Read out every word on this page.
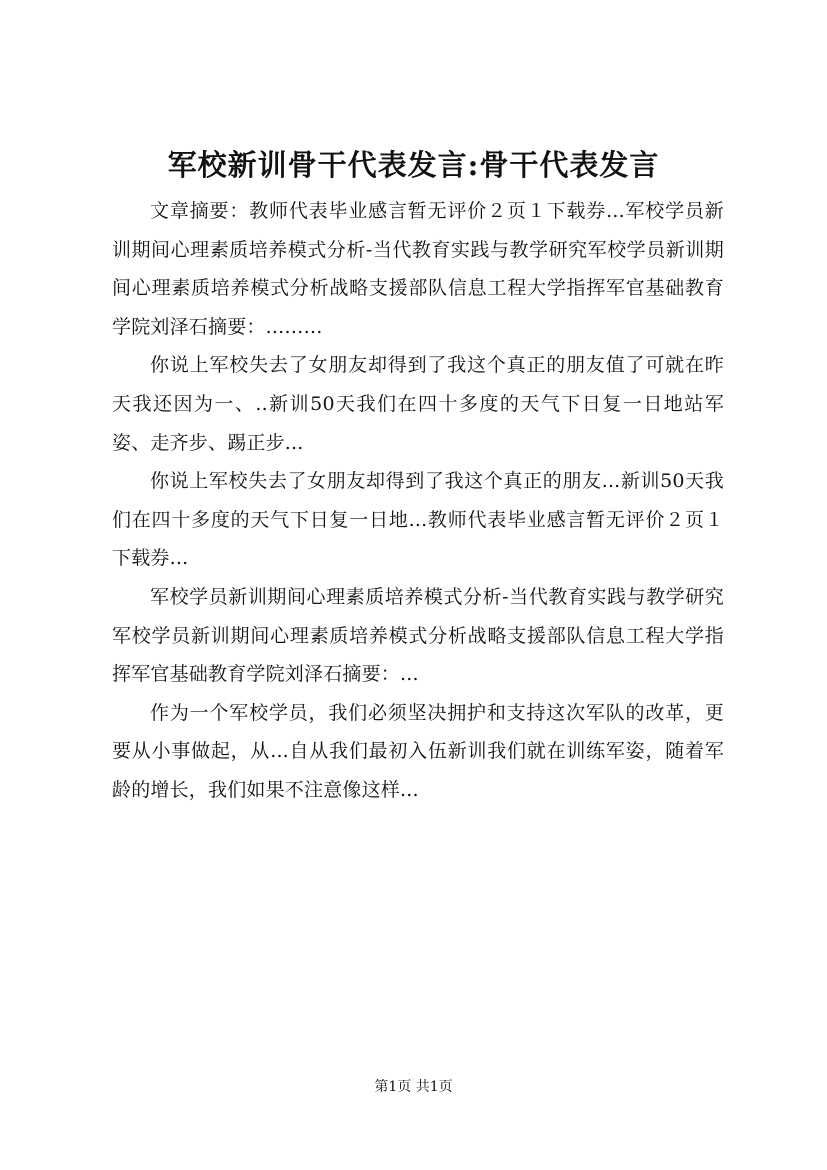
军校新训骨干代表发言:骨干代表发言

文章摘要：教师代表毕业感言暂无评价２页１下载券...军校学员新训期间心理素质培养模式分析-当代教育实践与教学研究军校学员新训期间心理素质培养模式分析战略支援部队信息工程大学指挥军官基础教育学院刘泽石摘要：...……

你说上军校失去了女朋友却得到了我这个真正的朋友值了可就在昨天我还因为一、..新训50天我们在四十多度的天气下日复一日地站军姿、走齐步、踢正步...

你说上军校失去了女朋友却得到了我这个真正的朋友...新训50天我们在四十多度的天气下日复一日地...教师代表毕业感言暂无评价２页１下载券...

军校学员新训期间心理素质培养模式分析-当代教育实践与教学研究军校学员新训期间心理素质培养模式分析战略支援部队信息工程大学指挥军官基础教育学院刘泽石摘要：...

作为一个军校学员，我们必须坚决拥护和支持这次军队的改革，更要从小事做起，从...自从我们最初入伍新训我们就在训练军姿，随着军龄的增长，我们如果不注意像这样...

第1页 共1页
